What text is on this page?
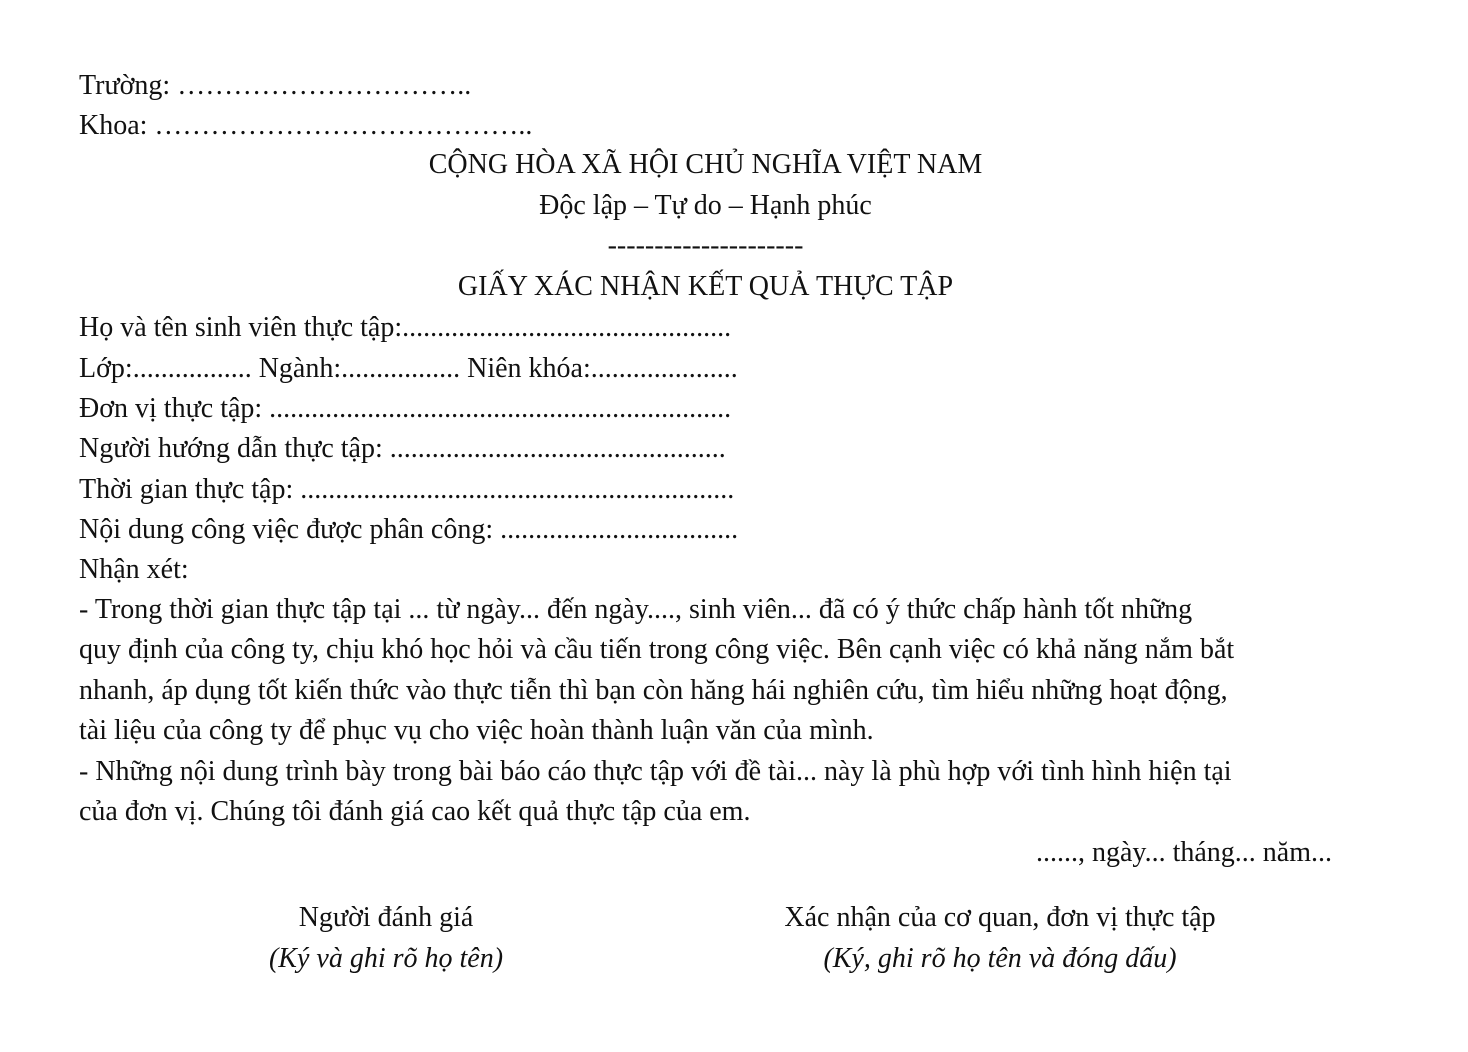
Trường: …………………………..
Khoa: …………………………………..
CỘNG HÒA XÃ HỘI CHỦ NGHĨA VIỆT NAM
Độc lập – Tự do – Hạnh phúc
---------------------
GIẤY XÁC NHẬN KẾT QUẢ THỰC TẬP
Họ và tên sinh viên thực tập:...............................................
Lớp:................. Ngành:................. Niên khóa:.....................
Đơn vị thực tập: ..................................................................
Người hướng dẫn thực tập: ................................................
Thời gian thực tập: ..............................................................
Nội dung công việc được phân công: ..................................
Nhận xét:
- Trong thời gian thực tập tại ... từ ngày... đến ngày...., sinh viên... đã có ý thức chấp hành tốt những
quy định của công ty, chịu khó học hỏi và cầu tiến trong công việc. Bên cạnh việc có khả năng nắm bắt
nhanh, áp dụng tốt kiến thức vào thực tiễn thì bạn còn hăng hái nghiên cứu, tìm hiểu những hoạt động,
tài liệu của công ty để phục vụ cho việc hoàn thành luận văn của mình.
- Những nội dung trình bày trong bài báo cáo thực tập với đề tài... này là phù hợp với tình hình hiện tại
của đơn vị. Chúng tôi đánh giá cao kết quả thực tập của em.
......, ngày... tháng... năm...
Người đánh giá
(Ký và ghi rõ họ tên)
Xác nhận của cơ quan, đơn vị thực tập
(Ký, ghi rõ họ tên và đóng dấu)
